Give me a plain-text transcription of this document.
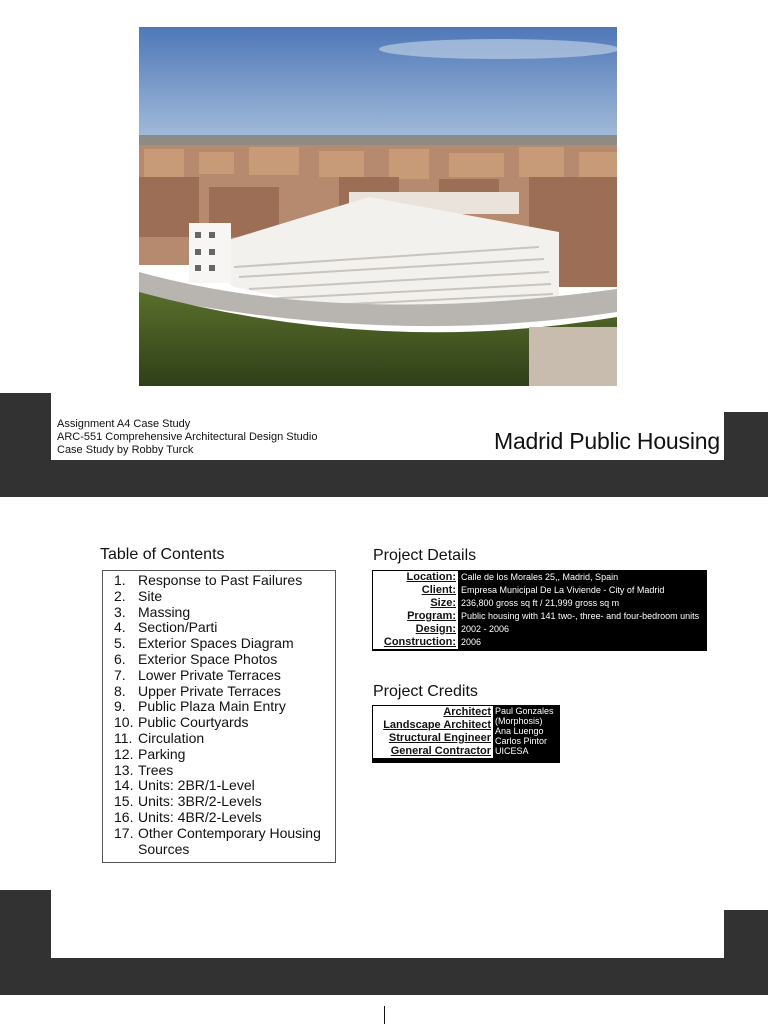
Assignment A4 Case Study
ARC-551 Comprehensive Architectural Design Studio
Case Study by Robby Turck	Madrid Public Housing
Table of Contents
1. Response to Past Failures
2. Site
3. Massing
4. Section/Parti
5. Exterior Spaces Diagram
6. Exterior Space Photos
7. Lower Private Terraces
8. Upper Private Terraces
9. Public Plaza Main Entry
10. Public Courtyards
11. Circulation
12. Parking
13. Trees
14. Units: 2BR/1-Level
15. Units: 3BR/2-Levels
16. Units: 4BR/2-Levels
17. Other Contemporary Housing
Sources
Project Details
Location: Calle de los Morales 25,, Madrid, Spain
Client: Empresa Municipal De La Viviende - City of Madrid
Size: 236,800 gross sq ft / 21,999 gross sq m
Program: Public housing with 141 two-, three- and four-bedroom units
Design: 2002 - 2006
Construction: 2006
Project Credits
Architect
Landscape Architect
Structural Engineer
General Contractor
Paul Gonzales
(Morphosis)
Ana Luengo
Carlos Pintor
UICESA
